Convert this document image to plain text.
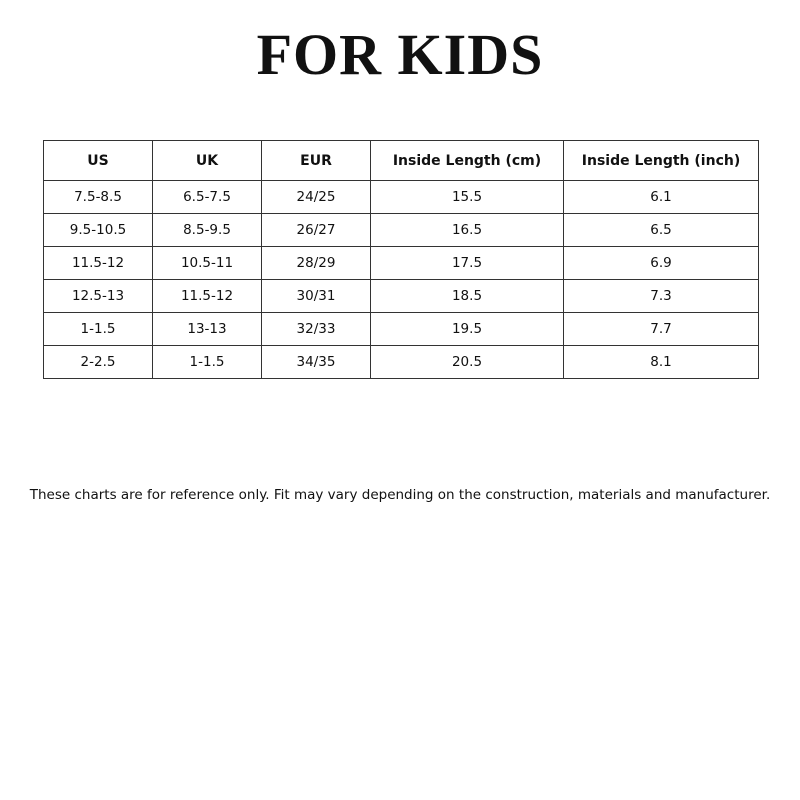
FOR KIDS
US	UK	EUR	Inside Length (cm)	Inside Length (inch)
7.5-8.5	6.5-7.5	24/25	15.5	6.1
9.5-10.5	8.5-9.5	26/27	16.5	6.5
11.5-12	10.5-11	28/29	17.5	6.9
12.5-13	11.5-12	30/31	18.5	7.3
1-1.5	13-13	32/33	19.5	7.7
2-2.5	1-1.5	34/35	20.5	8.1

These charts are for reference only. Fit may vary depending on the construction, materials and manufacturer.
